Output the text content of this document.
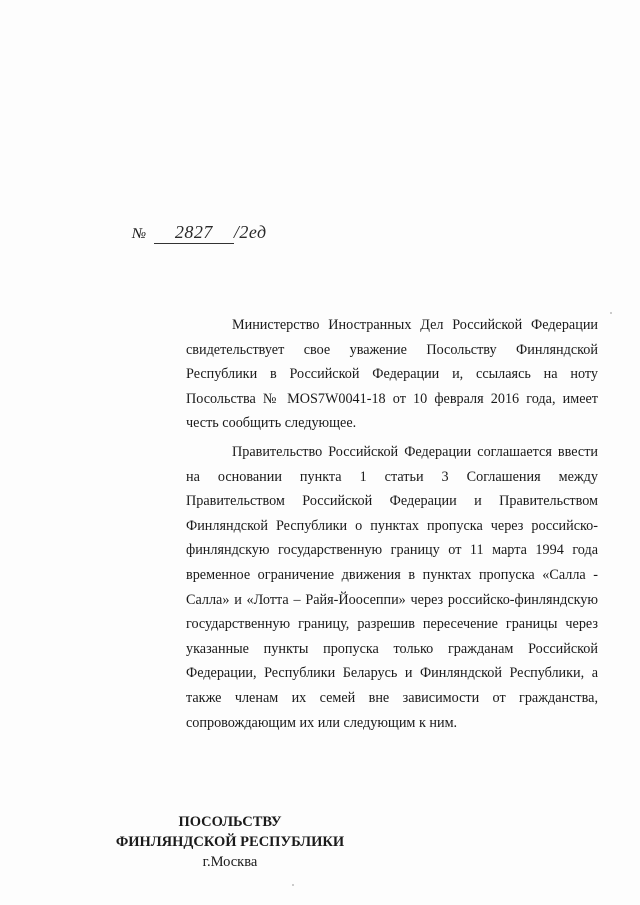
№ 2827 /2ед

Министерство Иностранных Дел Российской Федерации свидетельствует свое уважение Посольству Финляндской Республики в Российской Федерации и, ссылаясь на ноту Посольства № MOS7W0041-18 от 10 февраля 2016 года, имеет честь сообщить следующее.

Правительство Российской Федерации соглашается ввести на основании пункта 1 статьи 3 Соглашения между Правительством Российской Федерации и Правительством Финляндской Республики о пунктах пропуска через российско-финляндскую государственную границу от 11 марта 1994 года временное ограничение движения в пунктах пропуска «Салла - Салла» и «Лотта – Райя-Йоосеппи» через российско-финляндскую государственную границу, разрешив пересечение границы через указанные пункты пропуска только гражданам Российской Федерации, Республики Беларусь и Финляндской Республики, а также членам их семей вне зависимости от гражданства, сопровождающим их или следующим к ним.

ПОСОЛЬСТВУ
ФИНЛЯНДСКОЙ РЕСПУБЛИКИ
г.Москва
